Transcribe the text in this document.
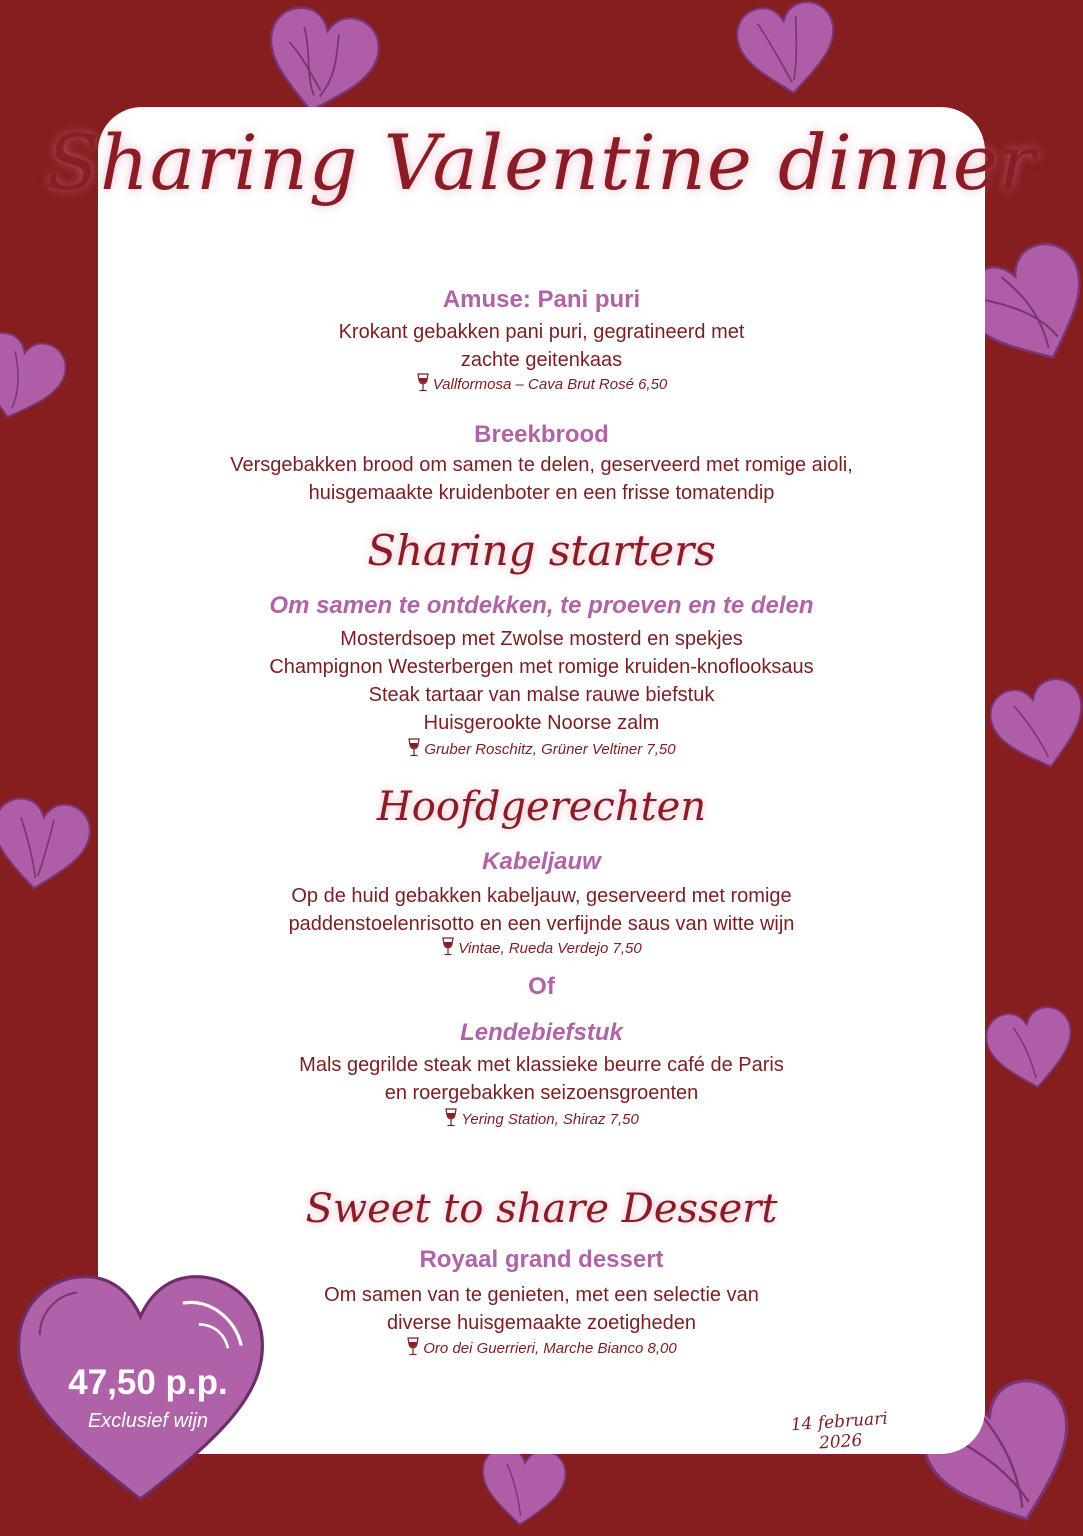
Sharing Valentine dinner
Amuse: Pani puri
Krokant gebakken pani puri, gegratineerd met
zachte geitenkaas
Vallformosa – Cava Brut Rosé 6,50
Breekbrood
Versgebakken brood om samen te delen, geserveerd met romige aioli,
huisgemaakte kruidenboter en een frisse tomatendip
Sharing starters
Om samen te ontdekken, te proeven en te delen
Mosterdsoep met Zwolse mosterd en spekjes
Champignon Westerbergen met romige kruiden-knoflooksaus
Steak tartaar van malse rauwe biefstuk
Huisgerookte Noorse zalm
Gruber Roschitz, Grüner Veltiner 7,50
Hoofdgerechten
Kabeljauw
Op de huid gebakken kabeljauw, geserveerd met romige
paddenstoelenrisotto en een verfijnde saus van witte wijn
Vintae, Rueda Verdejo 7,50
Of
Lendebiefstuk
Mals gegrilde steak met klassieke beurre café de Paris
en roergebakken seizoensgroenten
Yering Station, Shiraz 7,50
Sweet to share Dessert
Royaal grand dessert
Om samen van te genieten, met een selectie van
diverse huisgemaakte zoetigheden
Oro dei Guerrieri, Marche Bianco 8,00
14 februari 2026
47,50 p.p.
Exclusief wijn
